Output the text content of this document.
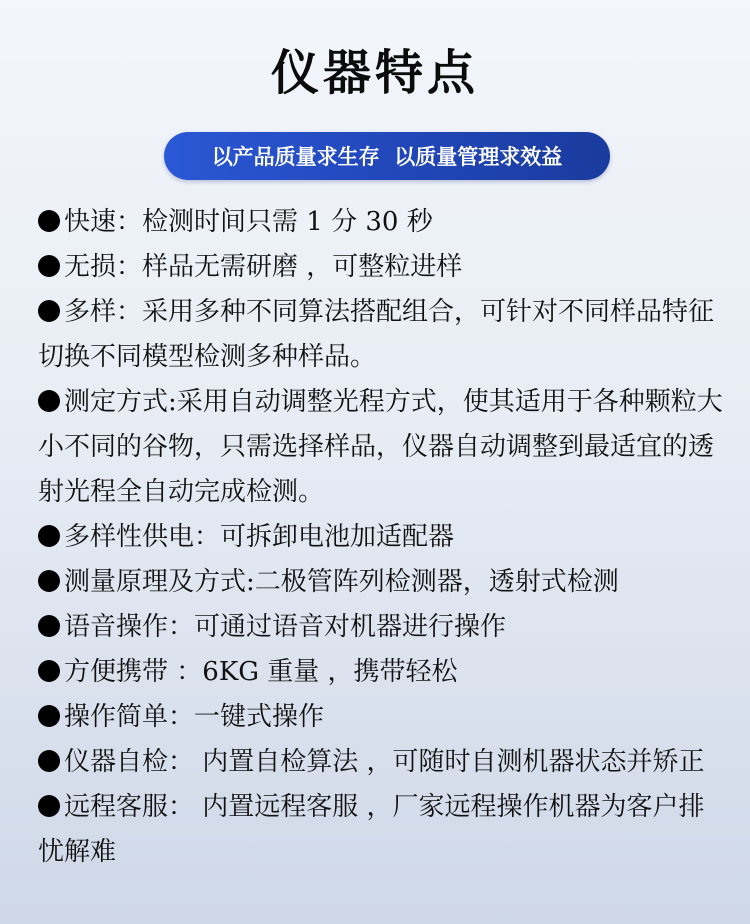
仪器特点
以产品质量求生存  以质量管理求效益

快速：检测时间只需 1 分 30 秒

无损：样品无需研磨 ，可整粒进样

多样：采用多种不同算法搭配组合，可针对不同样品特征切换不同模型检测多种样品。

测定方式:采用自动调整光程方式，使其适用于各种颗粒大小不同的谷物，只需选择样品，仪器自动调整到最适宜的透射光程全自动完成检测。

多样性供电：可拆卸电池加适配器

测量原理及方式:二极管阵列检测器，透射式检测

语音操作：可通过语音对机器进行操作

方便携带 ：6KG 重量 ，携带轻松

操作简单：一键式操作

仪器自检： 内置自检算法 ，可随时自测机器状态并矫正

远程客服： 内置远程客服 ，厂家远程操作机器为客户排忧解难
